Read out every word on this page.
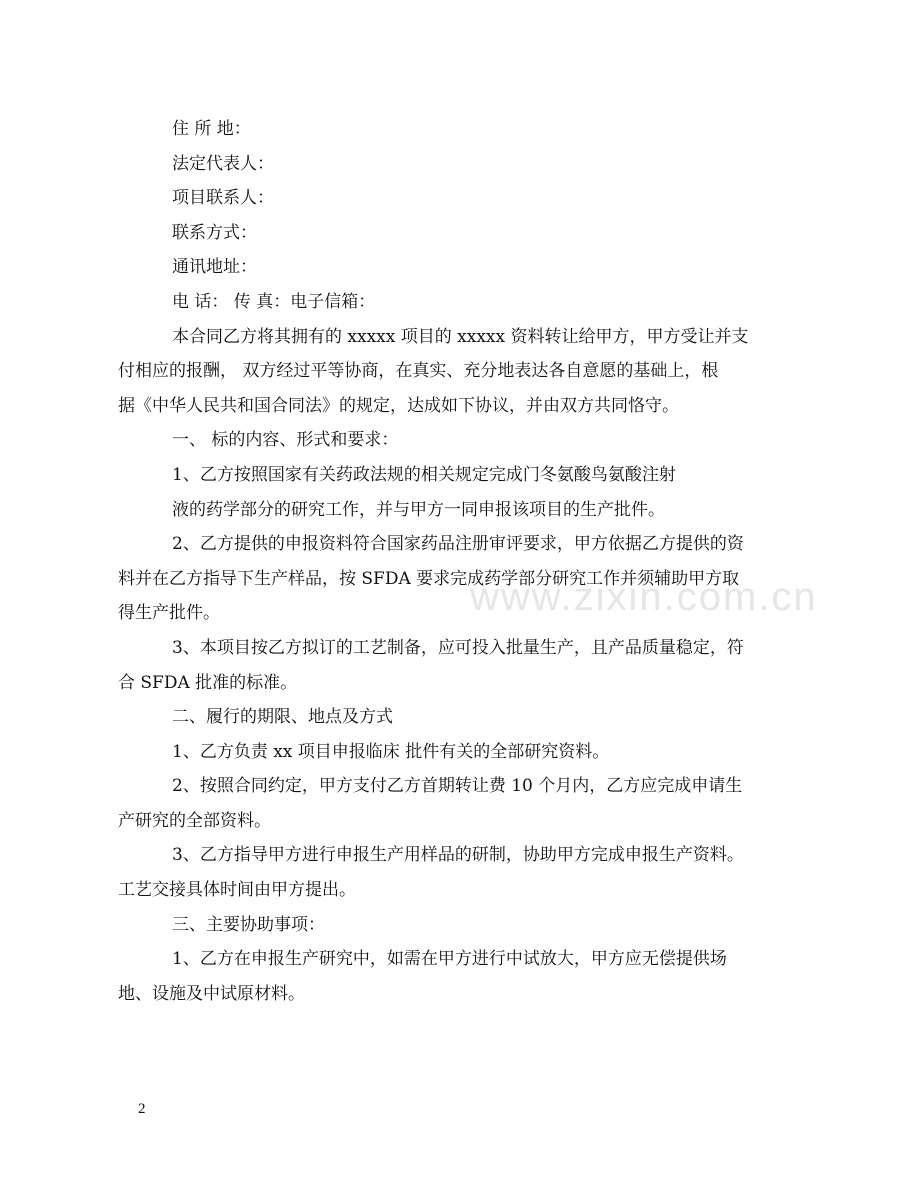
www.zixin.com.cn
住 所 地：
法定代表人：
项目联系人：
联系方式：
通讯地址：
电 话： 传 真：电子信箱：
本合同乙方将其拥有的 xxxxx 项目的 xxxxx 资料转让给甲方，甲方受让并支
付相应的报酬， 双方经过平等协商，在真实、充分地表达各自意愿的基础上，根
据《中华人民共和国合同法》的规定，达成如下协议，并由双方共同恪守。
一、 标的内容、形式和要求：
1、乙方按照国家有关药政法规的相关规定完成门冬氨酸鸟氨酸注射
液的药学部分的研究工作，并与甲方一同申报该项目的生产批件。
2、乙方提供的申报资料符合国家药品注册审评要求，甲方依据乙方提供的资
料并在乙方指导下生产样品，按 SFDA 要求完成药学部分研究工作并须辅助甲方取
得生产批件。
3、本项目按乙方拟订的工艺制备，应可投入批量生产，且产品质量稳定，符
合 SFDA 批准的标准。
二、履行的期限、地点及方式
1、乙方负责 xx 项目申报临床 批件有关的全部研究资料。
2、按照合同约定，甲方支付乙方首期转让费 10 个月内，乙方应完成申请生
产研究的全部资料。
3、乙方指导甲方进行申报生产用样品的研制，协助甲方完成申报生产资料。
工艺交接具体时间由甲方提出。
三、主要协助事项：
1、乙方在申报生产研究中，如需在甲方进行中试放大，甲方应无偿提供场
地、设施及中试原材料。
2
